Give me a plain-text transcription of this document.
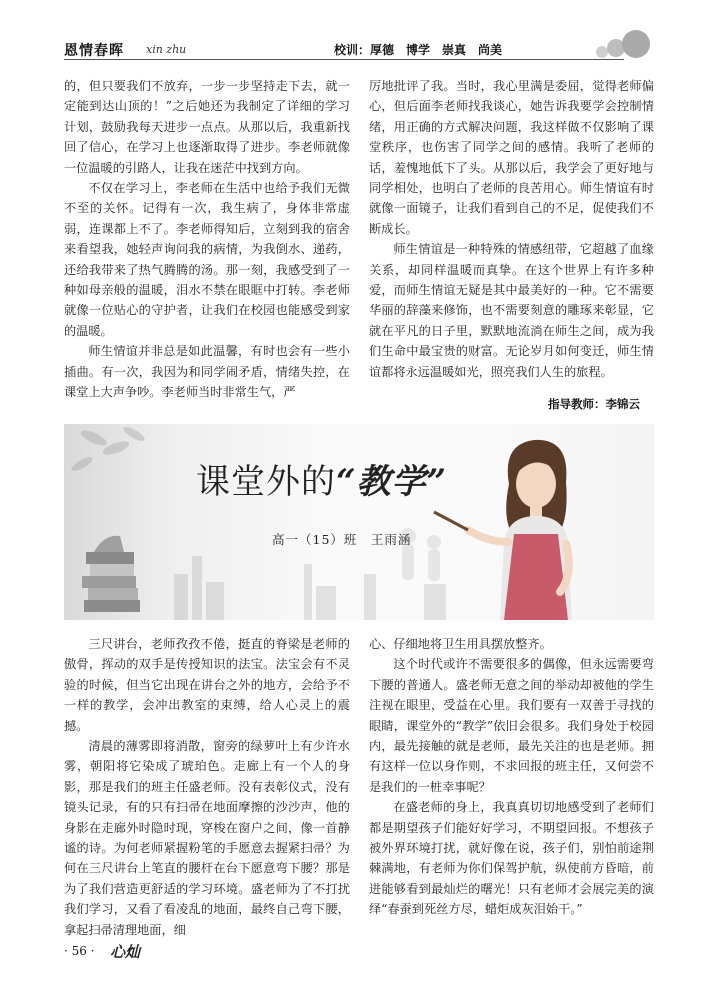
恩情春晖 xin zhu	校训：厚德　博学　崇真　尚美

的，但只要我们不放弃，一步一步坚持走下去，就一定能到达山顶的！”之后她还为我制定了详细的学习计划，鼓励我每天进步一点点。从那以后，我重新找回了信心，在学习上也逐渐取得了进步。李老师就像一位温暖的引路人，让我在迷茫中找到方向。

不仅在学习上，李老师在生活中也给予我们无微不至的关怀。记得有一次，我生病了，身体非常虚弱，连课都上不了。李老师得知后，立刻到我的宿舍来看望我，她轻声询问我的病情，为我倒水、递药，还给我带来了热气腾腾的汤。那一刻，我感受到了一种如母亲般的温暖，泪水不禁在眼眶中打转。李老师就像一位贴心的守护者，让我们在校园也能感受到家的温暖。

师生情谊并非总是如此温馨，有时也会有一些小插曲。有一次，我因为和同学闹矛盾，情绪失控，在课堂上大声争吵。李老师当时非常生气，严

厉地批评了我。当时，我心里满是委屈，觉得老师偏心，但后面李老师找我谈心，她告诉我要学会控制情绪，用正确的方式解决问题，我这样做不仅影响了课堂秩序，也伤害了同学之间的感情。我听了老师的话，羞愧地低下了头。从那以后，我学会了更好地与同学相处，也明白了老师的良苦用心。师生情谊有时就像一面镜子，让我们看到自己的不足，促使我们不断成长。

师生情谊是一种特殊的情感纽带，它超越了血缘关系，却同样温暖而真挚。在这个世界上有许多种爱，而师生情谊无疑是其中最美好的一种。它不需要华丽的辞藻来修饰，也不需要刻意的雕琢来彰显，它就在平凡的日子里，默默地流淌在师生之间，成为我们生命中最宝贵的财富。无论岁月如何变迁，师生情谊都将永远温暖如光，照亮我们人生的旅程。

指导教师：李锦云
课堂外的“教学”
高一（15）班　王雨涵

三尺讲台，老师孜孜不倦，挺直的脊梁是老师的傲骨，挥动的双手是传授知识的法宝。法宝会有不灵验的时候，但当它出现在讲台之外的地方，会给予不一样的教学，会冲出教室的束缚，给人心灵上的震撼。

清晨的薄雾即将消散，窗旁的绿萝叶上有少许水雾，朝阳将它染成了琥珀色。走廊上有一个人的身影，那是我们的班主任盛老师。没有表彰仪式，没有镜头记录，有的只有扫帚在地面摩擦的沙沙声，他的身影在走廊外时隐时现，穿梭在窗户之间，像一首静谧的诗。为何老师紧握粉笔的手愿意去握紧扫帚？为何在三尺讲台上笔直的腰杆在台下愿意弯下腰？那是为了我们营造更舒适的学习环境。盛老师为了不打扰我们学习，又看了看凌乱的地面，最终自己弯下腰，拿起扫帚清理地面，细

心、仔细地将卫生用具摆放整齐。

这个时代或许不需要很多的偶像，但永远需要弯下腰的普通人。盛老师无意之间的举动却被他的学生注视在眼里，受益在心里。我们要有一双善于寻找的眼睛，课堂外的“教学”依旧会很多。我们身处于校园内，最先接触的就是老师，最先关注的也是老师。拥有这样一位以身作则，不求回报的班主任，又何尝不是我们的一桩幸事呢？

在盛老师的身上，我真真切切地感受到了老师们都是期望孩子们能好好学习，不期望回报。不想孩子被外界环境打扰，就好像在说，孩子们，别怕前途荆棘满地，有老师为你们保驾护航，纵使前方昏暗，前进能够看到最灿烂的曙光！只有老师才会展完美的演绎“春蚕到死丝方尽，蜡炬成灰泪始干。”

· 56 · 心灿
